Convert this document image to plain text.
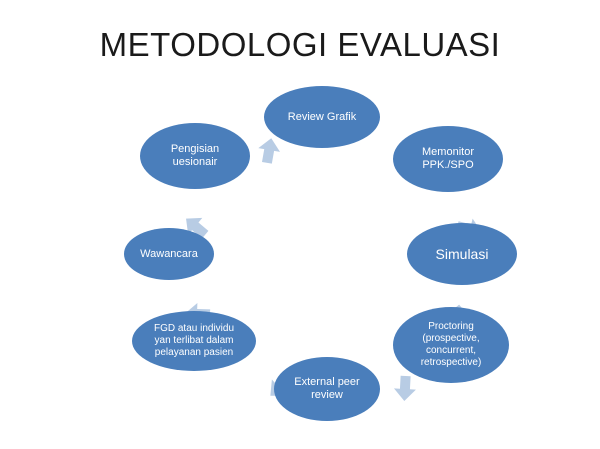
METODOLOGI EVALUASI
Review Grafik
Memonitor
PPK./SPO
Simulasi
Proctoring
(prospective,
concurrent,
retrospective)
External peer
review
FGD atau individu
yan terlibat dalam
pelayanan pasien
Wawancara
Pengisian
uesionair
